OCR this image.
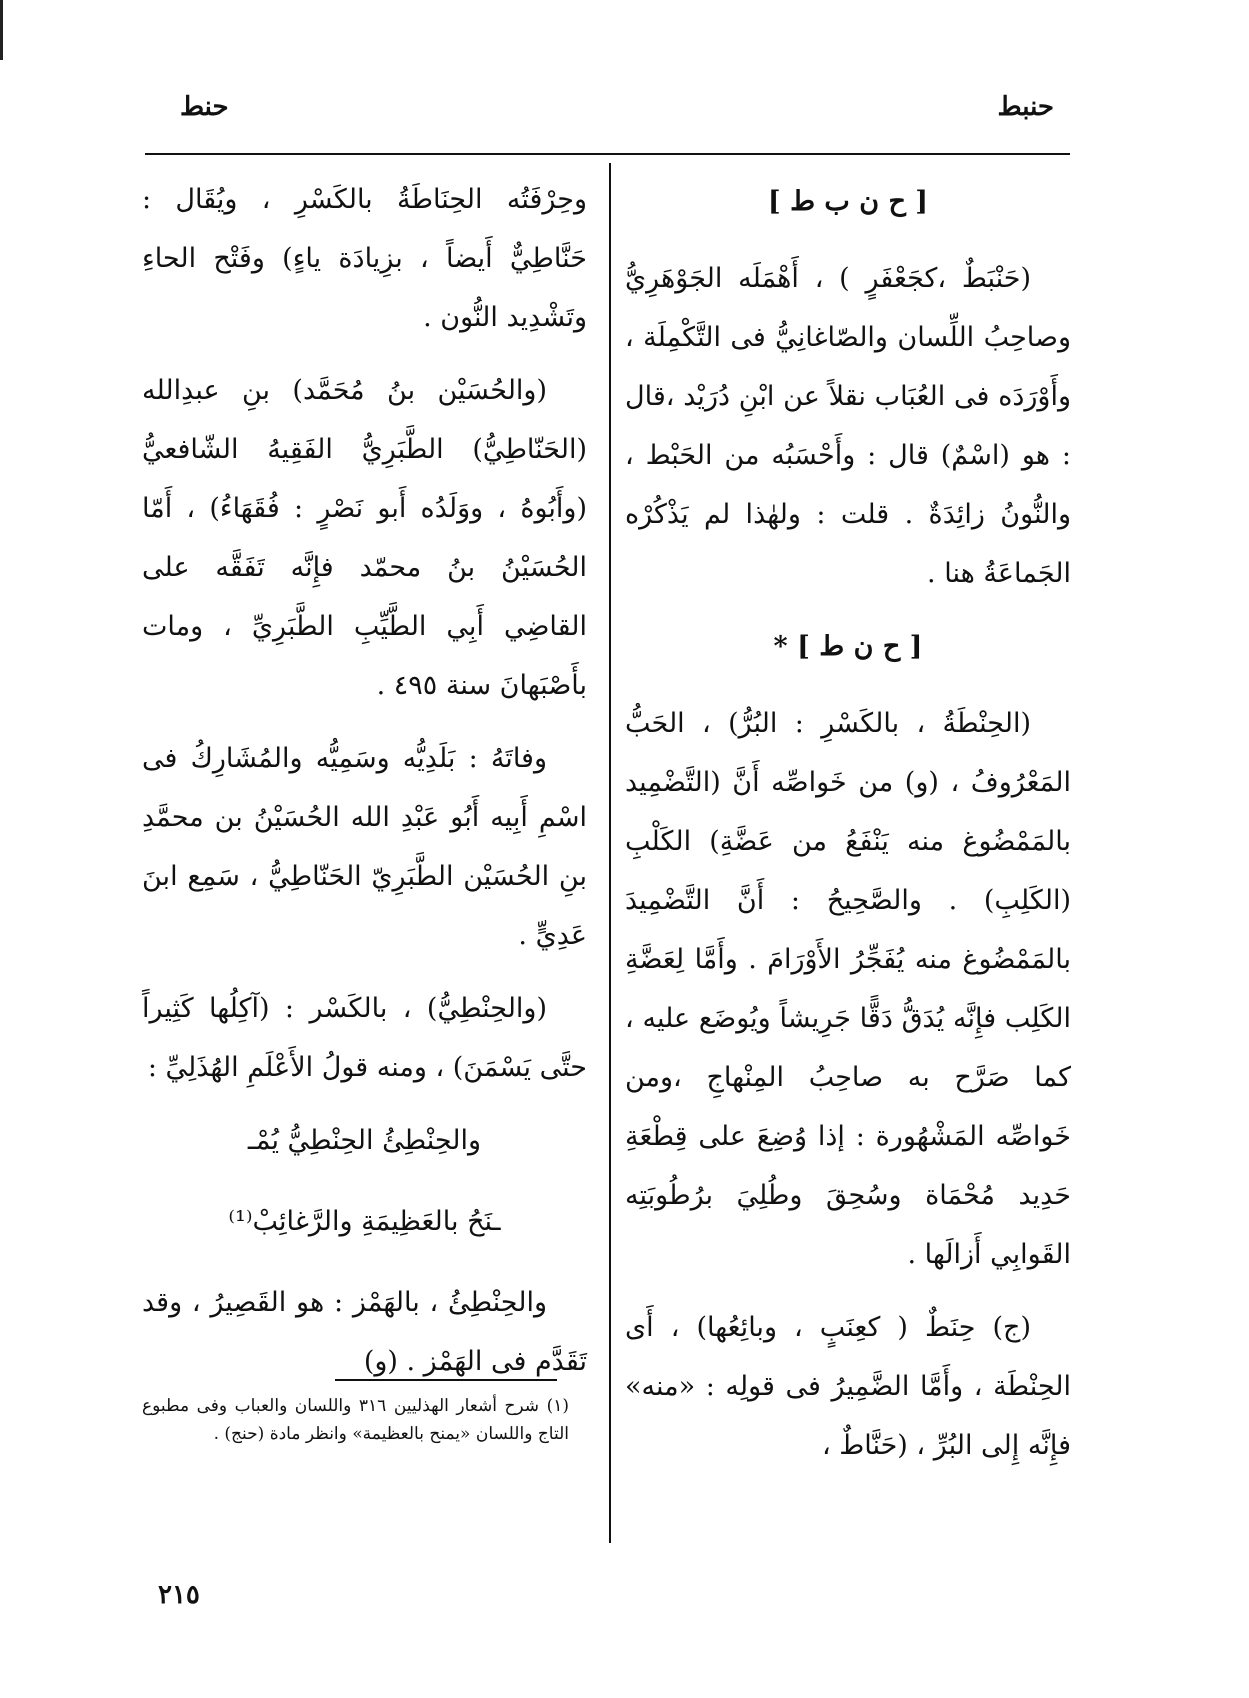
حنبط
حنط
[ ح ن ب ط ]

(حَنْبَطٌ ،كجَعْفَرٍ ) ، أَهْمَلَه الجَوْهَرِيُّ وصاحِبُ اللِّسان والصّاغانِيُّ فى التَّكْمِلَة ، وأَوْرَدَه فى العُبَاب نقلاً عن ابْنِ دُرَيْد ،قال : هو (اسْمٌ) قال : وأَحْسَبُه من الحَبْط ، والنُّونُ زائِدَةٌ . قلت : ولهٰذا لم يَذْكُرْه الجَماعَةُ هنا .

[ ح ن ط ] *

(الحِنْطَةُ ، بالكَسْرِ : البُرُّ) ، الحَبُّ المَعْرُوفُ ، (و) من خَواصِّه أَنَّ (التَّضْمِيد بالمَمْضُوغ منه يَنْفَعُ من عَضَّةِ) الكَلْبِ (الكَلِبِ) . والصَّحِيحُ : أَنَّ التَّضْمِيدَ بالمَمْضُوغ منه يُفَجِّرُ الأَوْرَامَ . وأَمَّا لِعَضَّةِ الكَلِب فإِنَّه يُدَقُّ دَقًّا جَرِيشاً ويُوضَع عليه ، كما صَرَّح به صاحِبُ المِنْهاجِ ،ومن خَواصِّه المَشْهُورة : إذا وُضِعَ على قِطْعَةِ حَدِيد مُحْمَاة وسُحِقَ وطُلِيَ برُطُوبَتِه القَوابِي أَزالَها .

(ج) حِنَطٌ ( كعِنَبٍ ، وبائِعُها) ، أَى الحِنْطَة ، وأَمَّا الضَّمِيرُ فى قولِه : «منه» فإِنَّه إِلى البُرِّ ، (حَنَّاطٌ ،

وحِرْفَتُه الحِنَاطَةُ بالكَسْرِ ، ويُقَال : حَنَّاطِيٌّ أَيضاً ، بزِيادَة ياءٍ) وفَتْح الحاءِ وتَشْدِيد النُّون .

(والحُسَيْن بنُ مُحَمَّد) بنِ عبدِالله (الحَنّاطِيُّ) الطَّبَرِيُّ الفَقِيهُ الشّافعيُّ (وأَبُوهُ ، ووَلَدُه أَبو نَصْرٍ : فُقَهَاءُ) ، أَمّا الحُسَيْنُ بنُ محمّد فإِنَّه تَفَقَّه على القاضِي أَبِي الطَّيِّبِ الطَّبَرِيِّ ، ومات بأَصْبَهانَ سنة ٤٩٥ .

وفاتَهُ : بَلَدِيُّه وسَمِيُّه والمُشَارِكُ فى اسْمِ أَبِيه أَبُو عَبْدِ الله الحُسَيْنُ بن محمَّدِ بنِ الحُسَيْن الطَّبَرِيّ الحَنّاطِيُّ ، سَمِع ابنَ عَدِيٍّ .

(والحِنْطِيُّ) ، بالكَسْر : (آكِلُها كَثِيراً حتَّى يَسْمَنَ) ، ومنه قولُ الأَعْلَمِ الهُذَلِيِّ :

والحِنْطِئُ الحِنْطِيُّ يُمْـ
ـنَحُ بالعَظِيمَةِ والرَّغائِبْ⁽¹⁾

والحِنْطِئُ ، بالهَمْز : هو القَصِيرُ ، وقد تَقَدَّم فى الهَمْز . (و)

(١) شرح أشعار الهذليين ٣١٦ واللسان والعباب وفى مطبوع التاج واللسان «يمنح بالعظيمة» وانظر مادة (حنج) .

٢١٥
